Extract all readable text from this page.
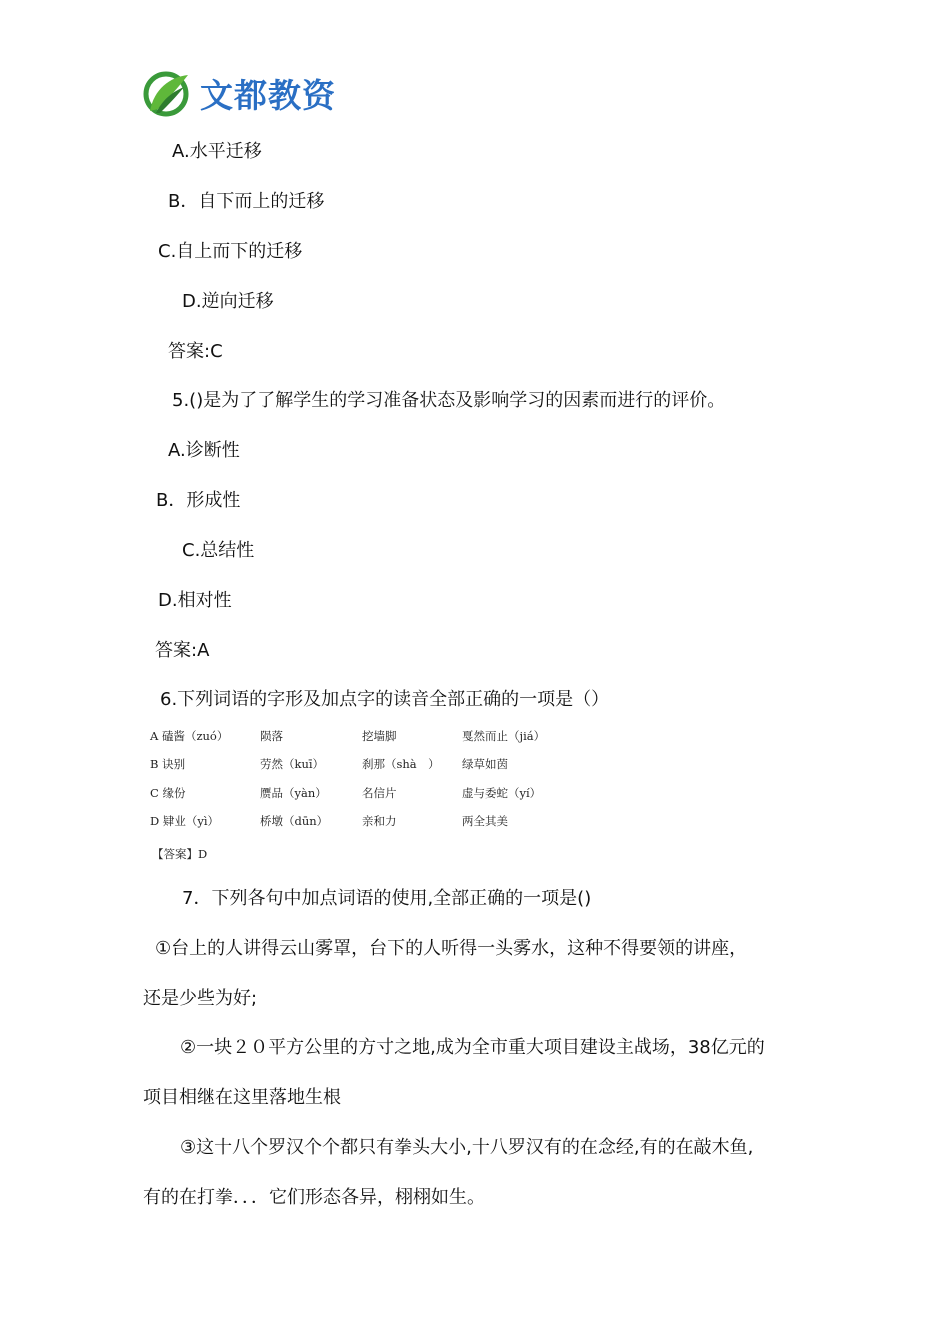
文都教资
A.水平迁移
B．自下而上的迁移
C.自上而下的迁移
D.逆向迁移
答案:C
5.()是为了了解学生的学习准备状态及影响学习的因素而进行的评价。
A.诊断性
B．形成性
C.总结性
D.相对性
答案:A
6.下列词语的字形及加点字的读音全部正确的一项是（）
A 磕酱（zuó）	陨落	挖墙脚	戛然而止（jiá）
B 诀别	劳然（kuī）	刹那（shà　） 绿草如茵
C 缘份	赝品（yàn）	名信片	虚与委蛇（yí）
D 肄业（yì）	桥墩（dūn）	亲和力	两全其美
【答案】D
7．下列各句中加点词语的使用,全部正确的一项是()
①台上的人讲得云山雾罩，台下的人听得一头雾水，这种不得要领的讲座，
还是少些为好;
②一块２０平方公里的方寸之地,成为全市重大项目建设主战场，38亿元的
项目相继在这里落地生根
③这十八个罗汉个个都只有拳头大小,十八罗汉有的在念经,有的在敲木鱼,
有的在打拳．．．它们形态各异，栩栩如生。
